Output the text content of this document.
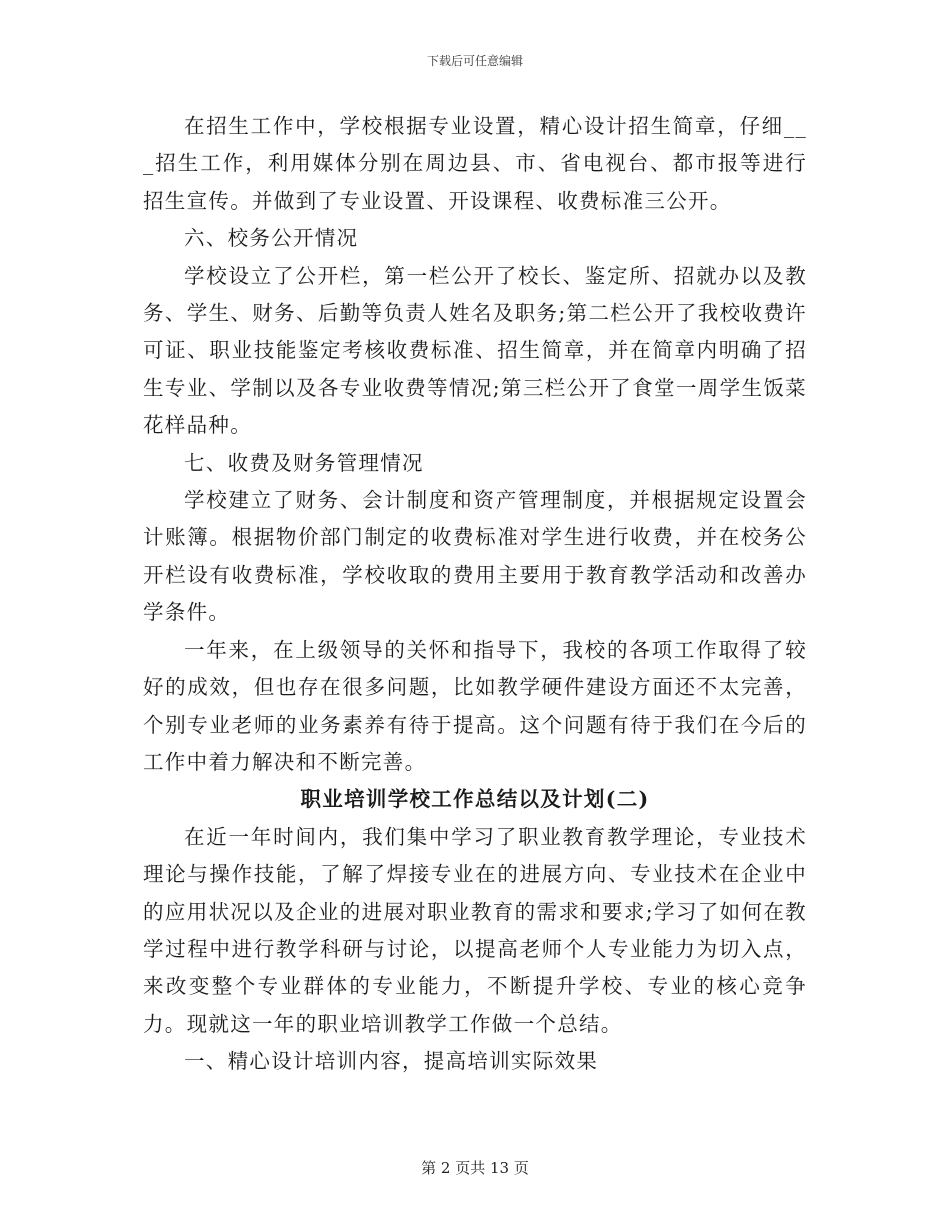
下载后可任意编辑

在招生工作中，学校根据专业设置，精心设计招生简章，仔细___招生工作，利用媒体分别在周边县、市、省电视台、都市报等进行招生宣传。并做到了专业设置、开设课程、收费标准三公开。

六、校务公开情况

学校设立了公开栏，第一栏公开了校长、鉴定所、招就办以及教务、学生、财务、后勤等负责人姓名及职务;第二栏公开了我校收费许可证、职业技能鉴定考核收费标准、招生简章，并在简章内明确了招生专业、学制以及各专业收费等情况;第三栏公开了食堂一周学生饭菜花样品种。

七、收费及财务管理情况

学校建立了财务、会计制度和资产管理制度，并根据规定设置会计账簿。根据物价部门制定的收费标准对学生进行收费，并在校务公开栏设有收费标准，学校收取的费用主要用于教育教学活动和改善办学条件。

一年来，在上级领导的关怀和指导下，我校的各项工作取得了较好的成效，但也存在很多问题，比如教学硬件建设方面还不太完善，个别专业老师的业务素养有待于提高。这个问题有待于我们在今后的工作中着力解决和不断完善。

职业培训学校工作总结以及计划(二)

在近一年时间内，我们集中学习了职业教育教学理论，专业技术理论与操作技能，了解了焊接专业在的进展方向、专业技术在企业中的应用状况以及企业的进展对职业教育的需求和要求;学习了如何在教学过程中进行教学科研与讨论，以提高老师个人专业能力为切入点，来改变整个专业群体的专业能力，不断提升学校、专业的核心竞争力。现就这一年的职业培训教学工作做一个总结。

一、精心设计培训内容，提高培训实际效果

第 2 页共 13 页
